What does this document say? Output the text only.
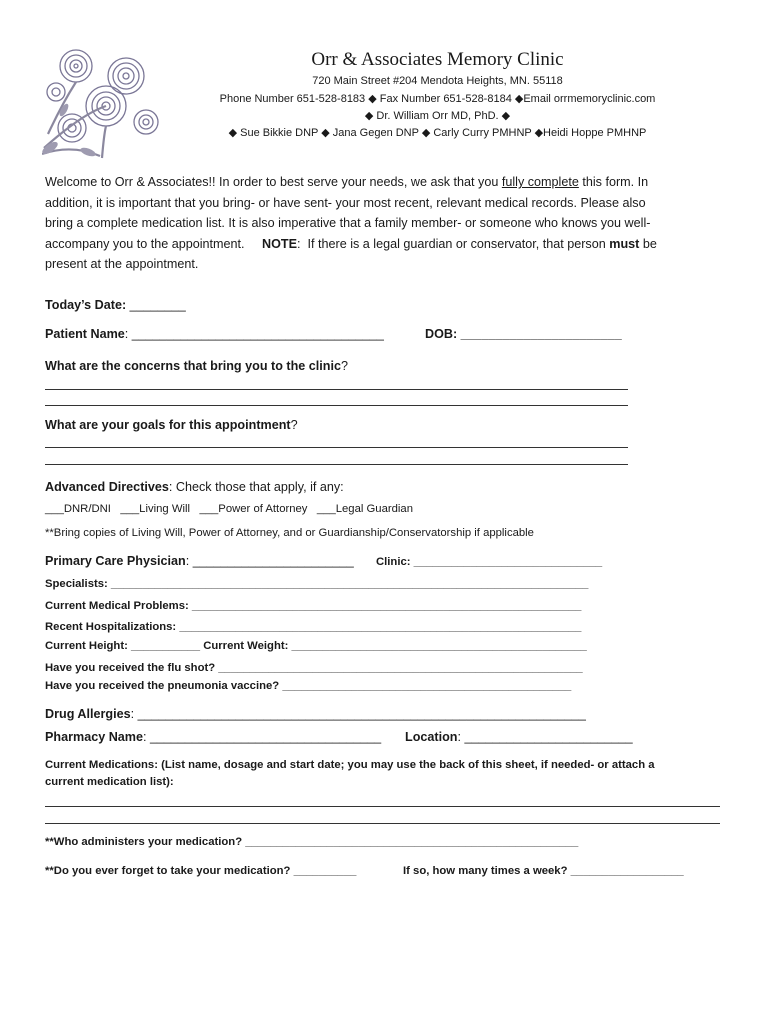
Orr & Associates Memory Clinic
720 Main Street #204 Mendota Heights, MN. 55118
Phone Number 651-528-8183 ◆ Fax Number 651-528-8184 ◆Email orrmemoryclinic.com
◆ Dr. William Orr MD, PhD. ◆
◆ Sue Bikkie DNP ◆ Jana Gegen DNP ◆ Carly Curry PMHNP ◆Heidi Hoppe PMHNP
Welcome to Orr & Associates!! In order to best serve your needs, we ask that you fully complete this form. In
addition, it is important that you bring- or have sent- your most recent, relevant medical records. Please also
bring a complete medication list. It is also imperative that a family member- or someone who knows you well-
accompany you to the appointment.     NOTE:  If there is a legal guardian or conservator, that person must be
present at the appointment.
Today’s Date: ________
Patient Name: ____________________________________	DOB: _______________________
What are the concerns that bring you to the clinic?
What are your goals for this appointment?
Advanced Directives: Check those that apply, if any:
___DNR/DNI   ___Living Will   ___Power of Attorney   ___Legal Guardian
**Bring copies of Living Will, Power of Attorney, and or Guardianship/Conservatorship if applicable
Primary Care Physician: _______________________ Clinic: ______________________________
Specialists: ____________________________________________________________________________
Current Medical Problems: ______________________________________________________________
Recent Hospitalizations: ________________________________________________________________
Current Height: ___________ Current Weight: _______________________________________________
Have you received the flu shot? __________________________________________________________
Have you received the pneumonia vaccine? ______________________________________________
Drug Allergies: ________________________________________________________________
Pharmacy Name: _________________________________ Location: ________________________
Current Medications: (List name, dosage and start date; you may use the back of this sheet, if needed- or attach a
current medication list):
**Who administers your medication? _____________________________________________________
**Do you ever forget to take your medication? __________	If so, how many times a week? __________________
